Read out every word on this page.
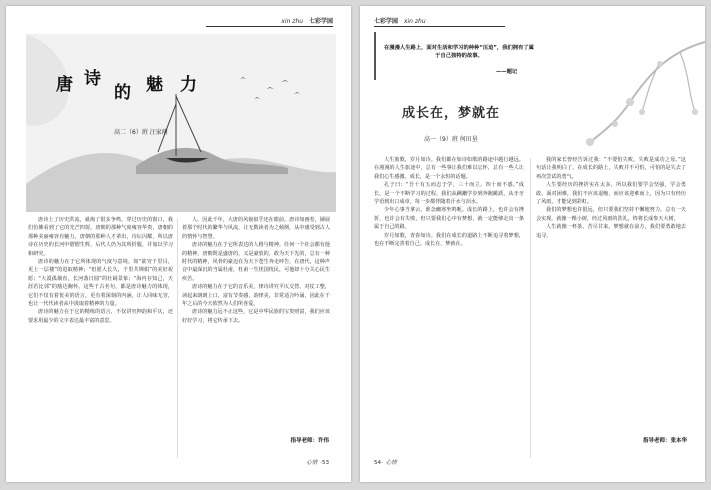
xin zhu 七彩学园
唐 诗
的 魅 力
高二（6）班 汪家萌
唐诗上了历史洪流，就淘了很多争鸣，穿过历史的窗口，我们仿佛看到了它的光芒四射。唐朝的那种气度雍容华贵，唐朝的那种美丽雍容有魅力，唐朝的那种人才辈出，诗坛闪耀，所以唐诗在历史的长河中熠熠生辉，后代人仍为其所折服，并加以学习和研究。
唐诗的魅力在于它所体现的气度与意境。如“欲穷千里目，更上一层楼”的进取精神；“但愿人长久，千里共婵娟”的美好祝愿；“大漠孤烟直，长河落日圆”的壮阔景象；“海内存知己，天涯若比邻”的豁达胸怀。这些千古名句，都是唐诗魅力的体现，它们不仅有着优美的语言，更有着深刻的内涵，让人回味无穷，也让一代代读者从中汲取着精神的力量。
唐诗的魅力在于它的精练的语言，不仅讲究押韵和平仄，还要求用最少的文字表达最丰富的意思。
人，因此千年，大唐的风貌似乎还在眼前。唐诗如画卷，铺展着那个时代的繁华与风流，让无数读者为之倾倒，从中感受到古人的情怀与智慧。
唐诗的魅力在于它所表达的人格与精神。任何一个社会都有他的精神，唐朝既是盛唐的，又是豪放的，敢为天下先的，总有一种时代的精神，风骨的豪迈在为天下苍生奔走呼告，在唐代，这种声音中最深沉的当属杜甫，杜甫一生忧国忧民，可他却十分关心民生疾苦。
唐诗的魅力在于它的音乐美，律诗讲究平仄交替、对仗工整，读起来朗朗上口，富有节奏感，韵律美，非常适合吟诵，因此在千年之后的今天依然为人们所喜爱。
唐诗的魅力远不止这些，它是中华民族的宝贵财富，我们应该好好学习，将它传承下去。
指导老师：许伟
心情 ·53
七彩学园 xin zhu
在漫漫人生路上，面对生活和学习的种种“压迫”，我们拥有了属于自己独特的故事。
——题记
成长在，梦就在
高一（9）班 何田垦
人生旅歌，岁月如诗。我们都在如诗如歌的路途中越行越远。在漫漫的人生旅途中，总有一些事让我们难以忘怀，总有一些人让我们心生感激。成长，是一个永恒的话题。
孔子曰：“吾十有五而志于学，三十而立，四十而不惑。”成长，是一个不断学习的过程，我们从蹒跚学步到奔跑跳跃，从牙牙学语到出口成章，每一步都伴随着汗水与泪水。
少年心事当拿云，谁念幽寒坐呜呃。成长的路上，也许会有挫折，也许会有失败，但只要我们心中有梦想，就一定能够走出一条属于自己的路。
岁月如歌，青春如诗。我们在成长的道路上不断追寻着梦想，也在不断完善着自己。成长在，梦就在。
我的家长曾经告诉过我：“不要怕失败，失败是成功之母。”这句话让我明白了，在成长的路上，失败并不可怕，可怕的是失去了再次尝试的勇气。
人生要经历的挫折实在太多，所以我们要学会坚强，学会勇敢。面对困难，我们不应该退缩，而应该迎难而上，因为只有经历了风雨，才能见到彩虹。
我们的梦想也许很远，但只要我们坚持不懈地努力，总有一天会实现。就像一棵小树，经过风雨的洗礼，终将长成参天大树。
人生就像一杯茶，苦尽甘来。梦想就在前方，我们要勇敢地去追寻。
指导老师：张本华
54· 心情
